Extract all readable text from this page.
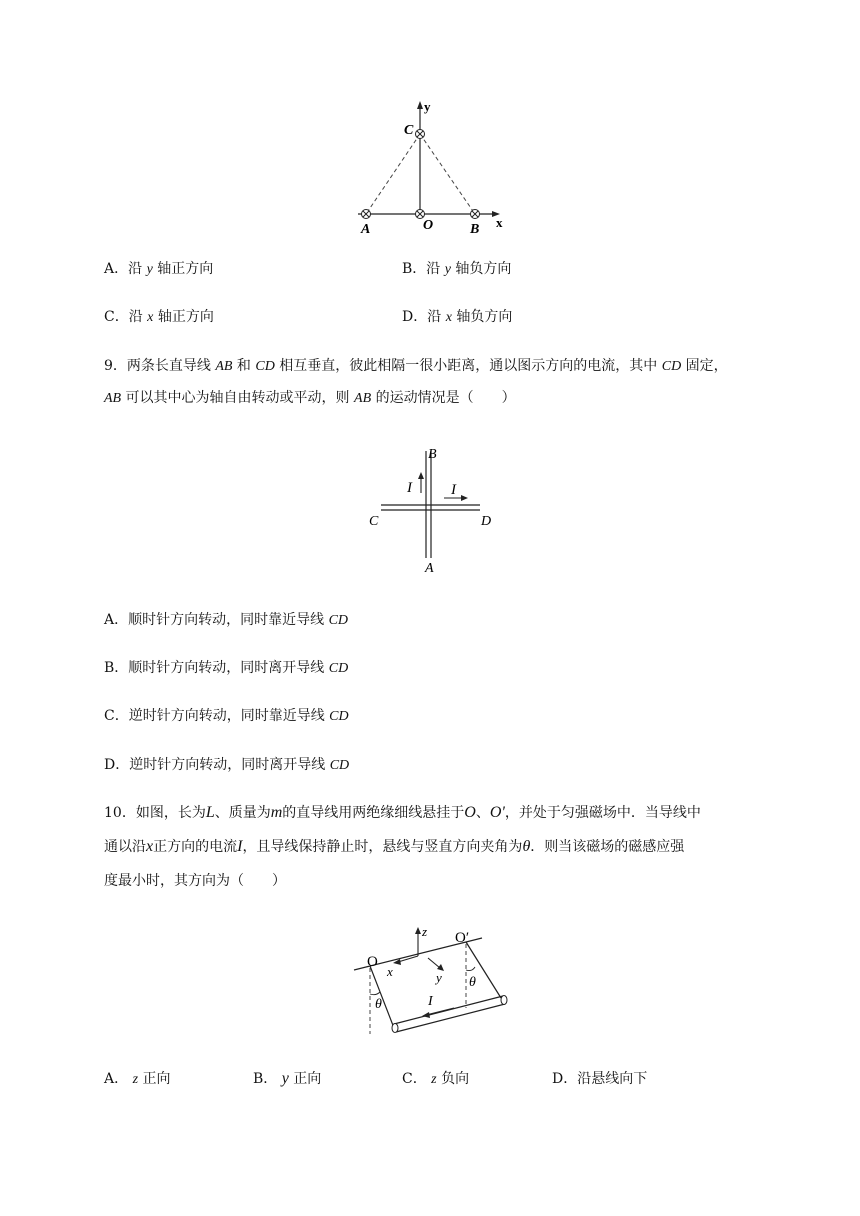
y
x
C
A	O	B
A．沿 y 轴正方向	B．沿 y 轴负方向
C．沿 x 轴正方向	D．沿 x 轴负方向
9．两条长直导线 AB 和 CD 相互垂直，彼此相隔一很小距离，通以图示方向的电流，其中 CD 固定，
AB 可以其中心为轴自由转动或平动，则 AB 的运动情况是（　　）
B
A
C	D
I	I
A．顺时针方向转动，同时靠近导线 CD
B．顺时针方向转动，同时离开导线 CD
C．逆时针方向转动，同时靠近导线 CD
D．逆时针方向转动，同时离开导线 CD
10．如图，长为L、质量为m的直导线用两绝缘细线悬挂于O、O'，并处于匀强磁场中．当导线中
通以沿x正方向的电流I，且导线保持静止时，悬线与竖直方向夹角为θ．则当该磁场的磁感应强
度最小时，其方向为（　　）
O
O′
x	y
z
θ
θ
I
A． z 正向	B． y 正向	C． z 负向	D．沿悬线向下
